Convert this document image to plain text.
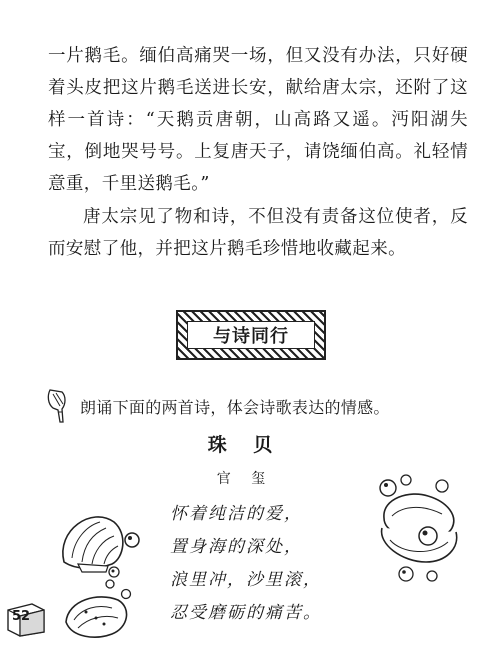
一片鹅毛。缅伯高痛哭一场，但又没有办法，只好硬着头皮把这片鹅毛送进长安，献给唐太宗，还附了这样一首诗：“天鹅贡唐朝，山高路又遥。沔阳湖失宝，倒地哭号号。上复唐天子，请饶缅伯高。礼轻情意重，千里送鹅毛。”

唐太宗见了物和诗，不但没有责备这位使者，反而安慰了他，并把这片鹅毛珍惜地收藏起来。

与诗同行
朗诵下面的两首诗，体会诗歌表达的情感。
珠 贝
官 玺
怀着纯洁的爱，
置身海的深处，
浪里冲，沙里滚，
忍受磨砺的痛苦。
52
